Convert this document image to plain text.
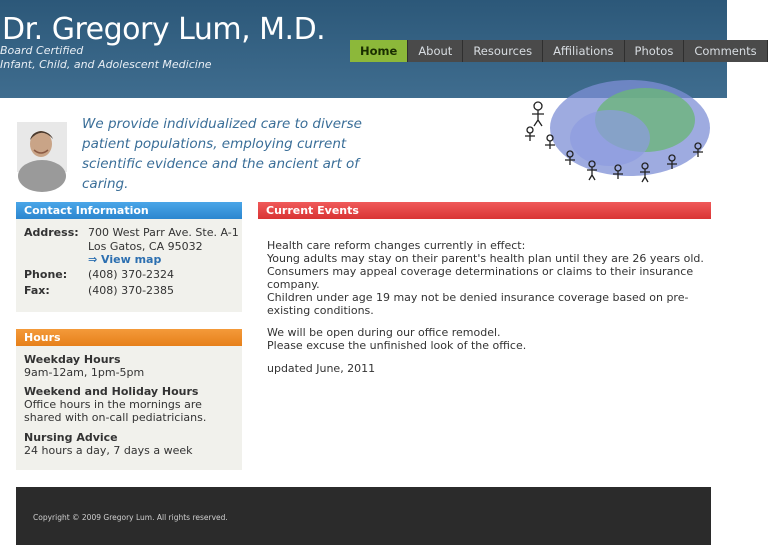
Dr. Gregory Lum, M.D.
Board Certified
Infant, Child, and Adolescent Medicine
Home	About	Resources	Affiliations	Photos	Comments
We provide individualized care to diverse patient populations, employing current scientific evidence and the ancient art of caring.
Contact Information
Address: 700 West Parr Ave. Ste. A-1
Los Gatos, CA 95032
⇒ View map
Phone: (408) 370-2324
Fax:	(408) 370-2385
Hours
Weekday Hours
9am-12am, 1pm-5pm
Weekend and Holiday Hours
Office hours in the mornings are shared with on-call pediatricians.
Nursing Advice
24 hours a day, 7 days a week
Current Events
Health care reform changes currently in effect:
Young adults may stay on their parent's health plan until they are 26 years old.
Consumers may appeal coverage determinations or claims to their insurance company.
Children under age 19 may not be denied insurance coverage based on pre-existing conditions.
We will be open during our office remodel.
Please excuse the unfinished look of the office.
updated June, 2011
Copyright © 2009 Gregory Lum. All rights reserved.
